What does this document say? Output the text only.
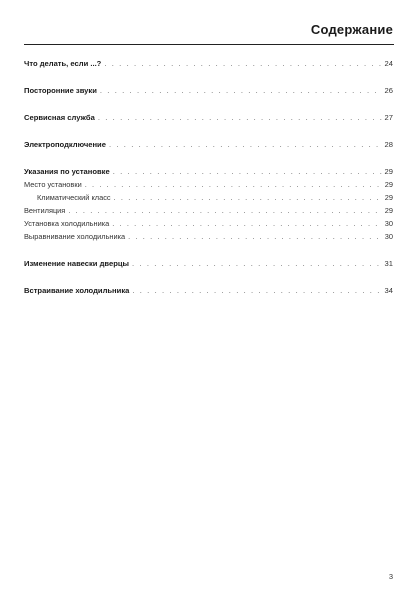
Содержание
Что делать, если ...? . . .	24
Посторонние звуки . . .	26
Сервисная служба . . .	27
Электроподключение . . .	28
Указания по установке . . .	29
Место установки . . .	29
Климатический класс . . .	29
Вентиляция . . .	29
Установка холодильника . . .	30
Выравнивание холодильника . . .	30
Изменение навески дверцы . . .	31
Встраивание холодильника . . .	34
3
